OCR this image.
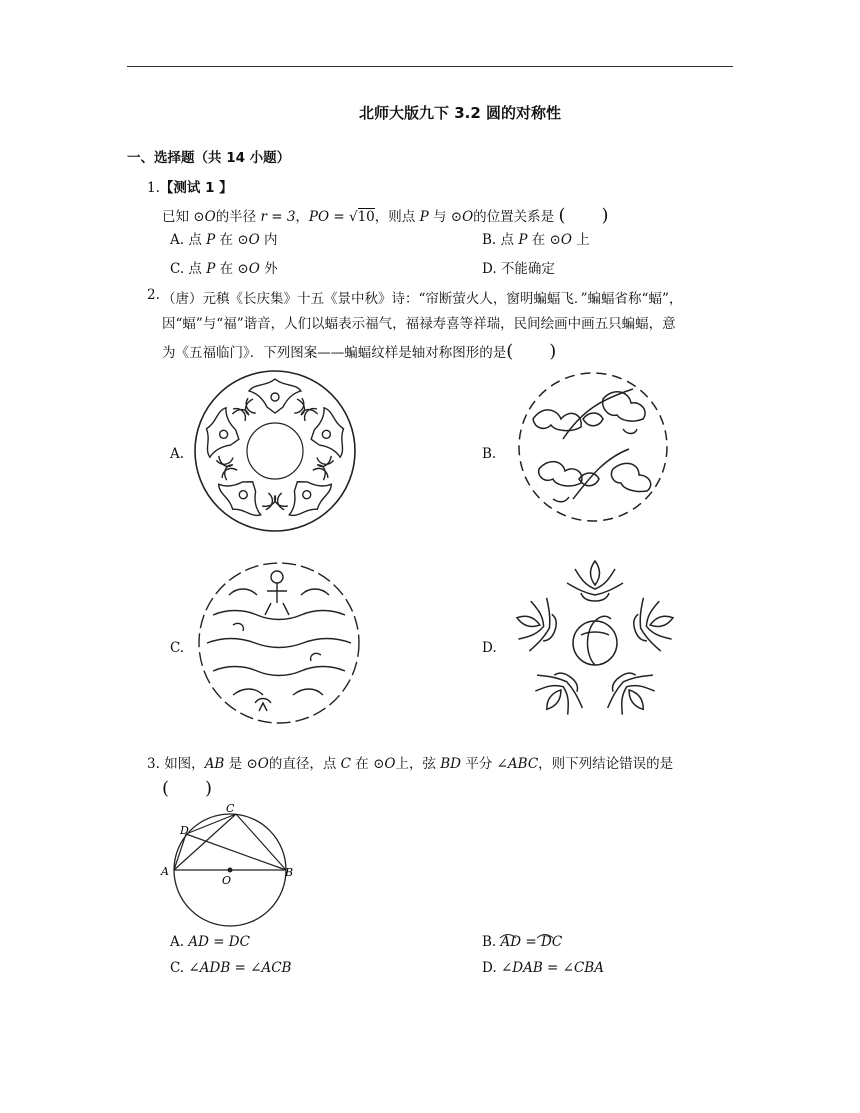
北师大版九下 3.2 圆的对称性
一、选择题（共 14 小题）
1.【测试 1 】
已知 ⊙O的半径 r = 3，PO = √10，则点 P 与 ⊙O的位置关系是 (　　)
A. 点 P 在 ⊙O 内	B. 点 P 在 ⊙O 上
C. 点 P 在 ⊙O 外	D. 不能确定
2. （唐）元稹《长庆集》十五《景中秋》诗：“帘断萤火人，窗明蝙蝠飞．”蝙蝠省称“蝠”，
因“蝠”与“福”谐音，人们以蝠表示福气，福禄寿喜等祥瑞，民间绘画中画五只蝙蝠，意
为《五福临门》．下列图案——蝙蝠纹样是轴对称图形的是(　　)
A.	B.
C.	D.
3. 如图，AB 是 ⊙O的直径，点 C 在 ⊙O上，弦 BD 平分 ∠ABC，则下列结论错误的是
(　　)
A	B
C
D
O
A. AD = DC	B. AD = DC
C. ∠ADB = ∠ACB	D. ∠DAB = ∠CBA
